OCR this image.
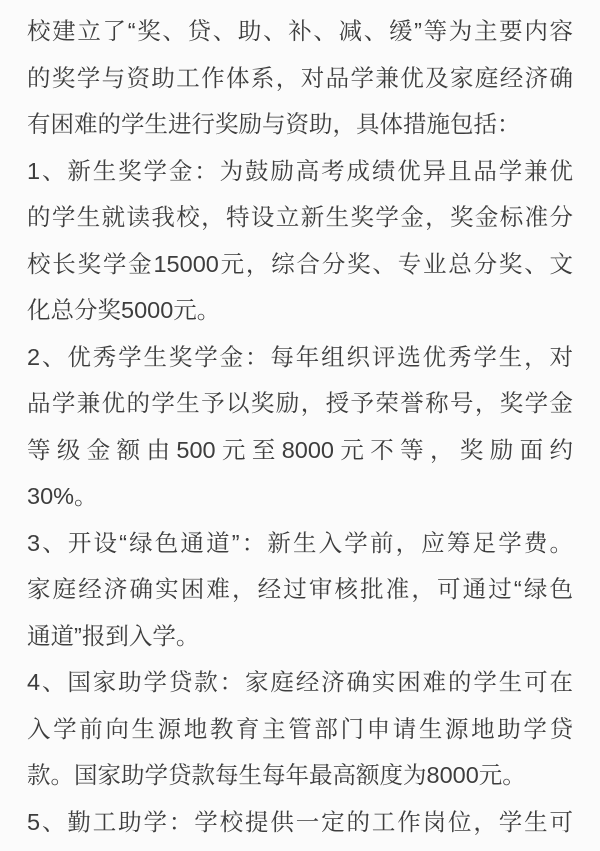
校建立了“奖、贷、助、补、减、缓”等为主要内容
的奖学与资助工作体系，对品学兼优及家庭经济确
有困难的学生进行奖励与资助，具体措施包括：
1、新生奖学金：为鼓励高考成绩优异且品学兼优
的学生就读我校，特设立新生奖学金，奖金标准分
校长奖学金15000元，综合分奖、专业总分奖、文
化总分奖5000元。
2、优秀学生奖学金：每年组织评选优秀学生，对
品学兼优的学生予以奖励，授予荣誉称号，奖学金
等级金额由500元至8000元不等，奖励面约
30%。
3、开设“绿色通道”：新生入学前，应筹足学费。
家庭经济确实困难，经过审核批准，可通过“绿色
通道”报到入学。
4、国家助学贷款：家庭经济确实困难的学生可在
入学前向生源地教育主管部门申请生源地助学贷
款。国家助学贷款每生每年最高额度为8000元。
5、勤工助学：学校提供一定的工作岗位，学生可
